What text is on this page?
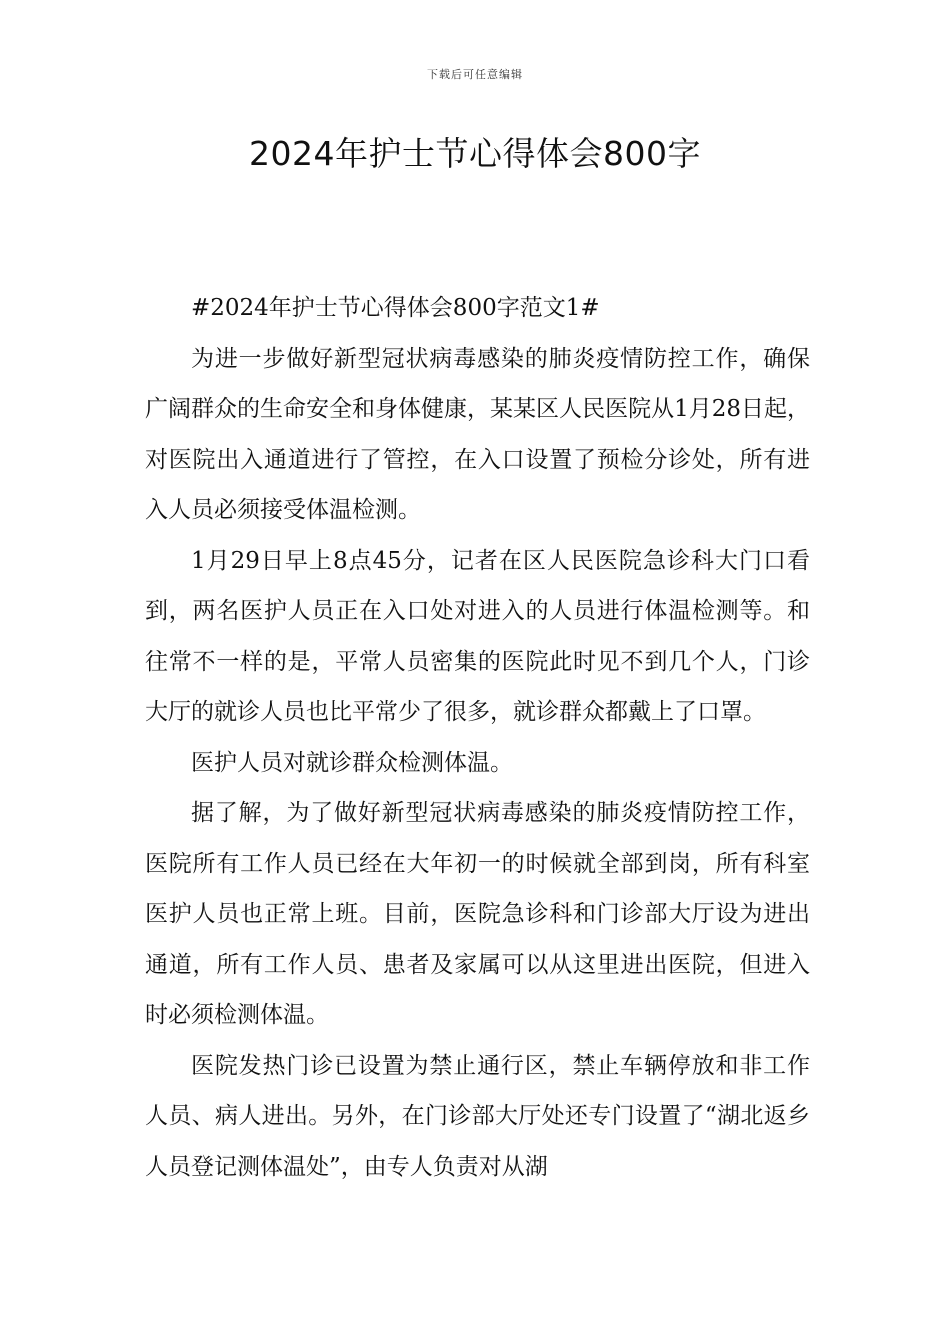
下载后可任意编辑
2024年护士节心得体会800字

#2024年护士节心得体会800字范文1#

为进一步做好新型冠状病毒感染的肺炎疫情防控工作，确保广阔群众的生命安全和身体健康，某某区人民医院从1月28日起，对医院出入通道进行了管控，在入口设置了预检分诊处，所有进入人员必须接受体温检测。

1月29日早上8点45分，记者在区人民医院急诊科大门口看到，两名医护人员正在入口处对进入的人员进行体温检测等。和往常不一样的是，平常人员密集的医院此时见不到几个人，门诊大厅的就诊人员也比平常少了很多，就诊群众都戴上了口罩。

医护人员对就诊群众检测体温。

据了解，为了做好新型冠状病毒感染的肺炎疫情防控工作，医院所有工作人员已经在大年初一的时候就全部到岗，所有科室医护人员也正常上班。目前，医院急诊科和门诊部大厅设为进出通道，所有工作人员、患者及家属可以从这里进出医院，但进入时必须检测体温。

医院发热门诊已设置为禁止通行区，禁止车辆停放和非工作人员、病人进出。另外，在门诊部大厅处还专门设置了“湖北返乡人员登记测体温处”，由专人负责对从湖
